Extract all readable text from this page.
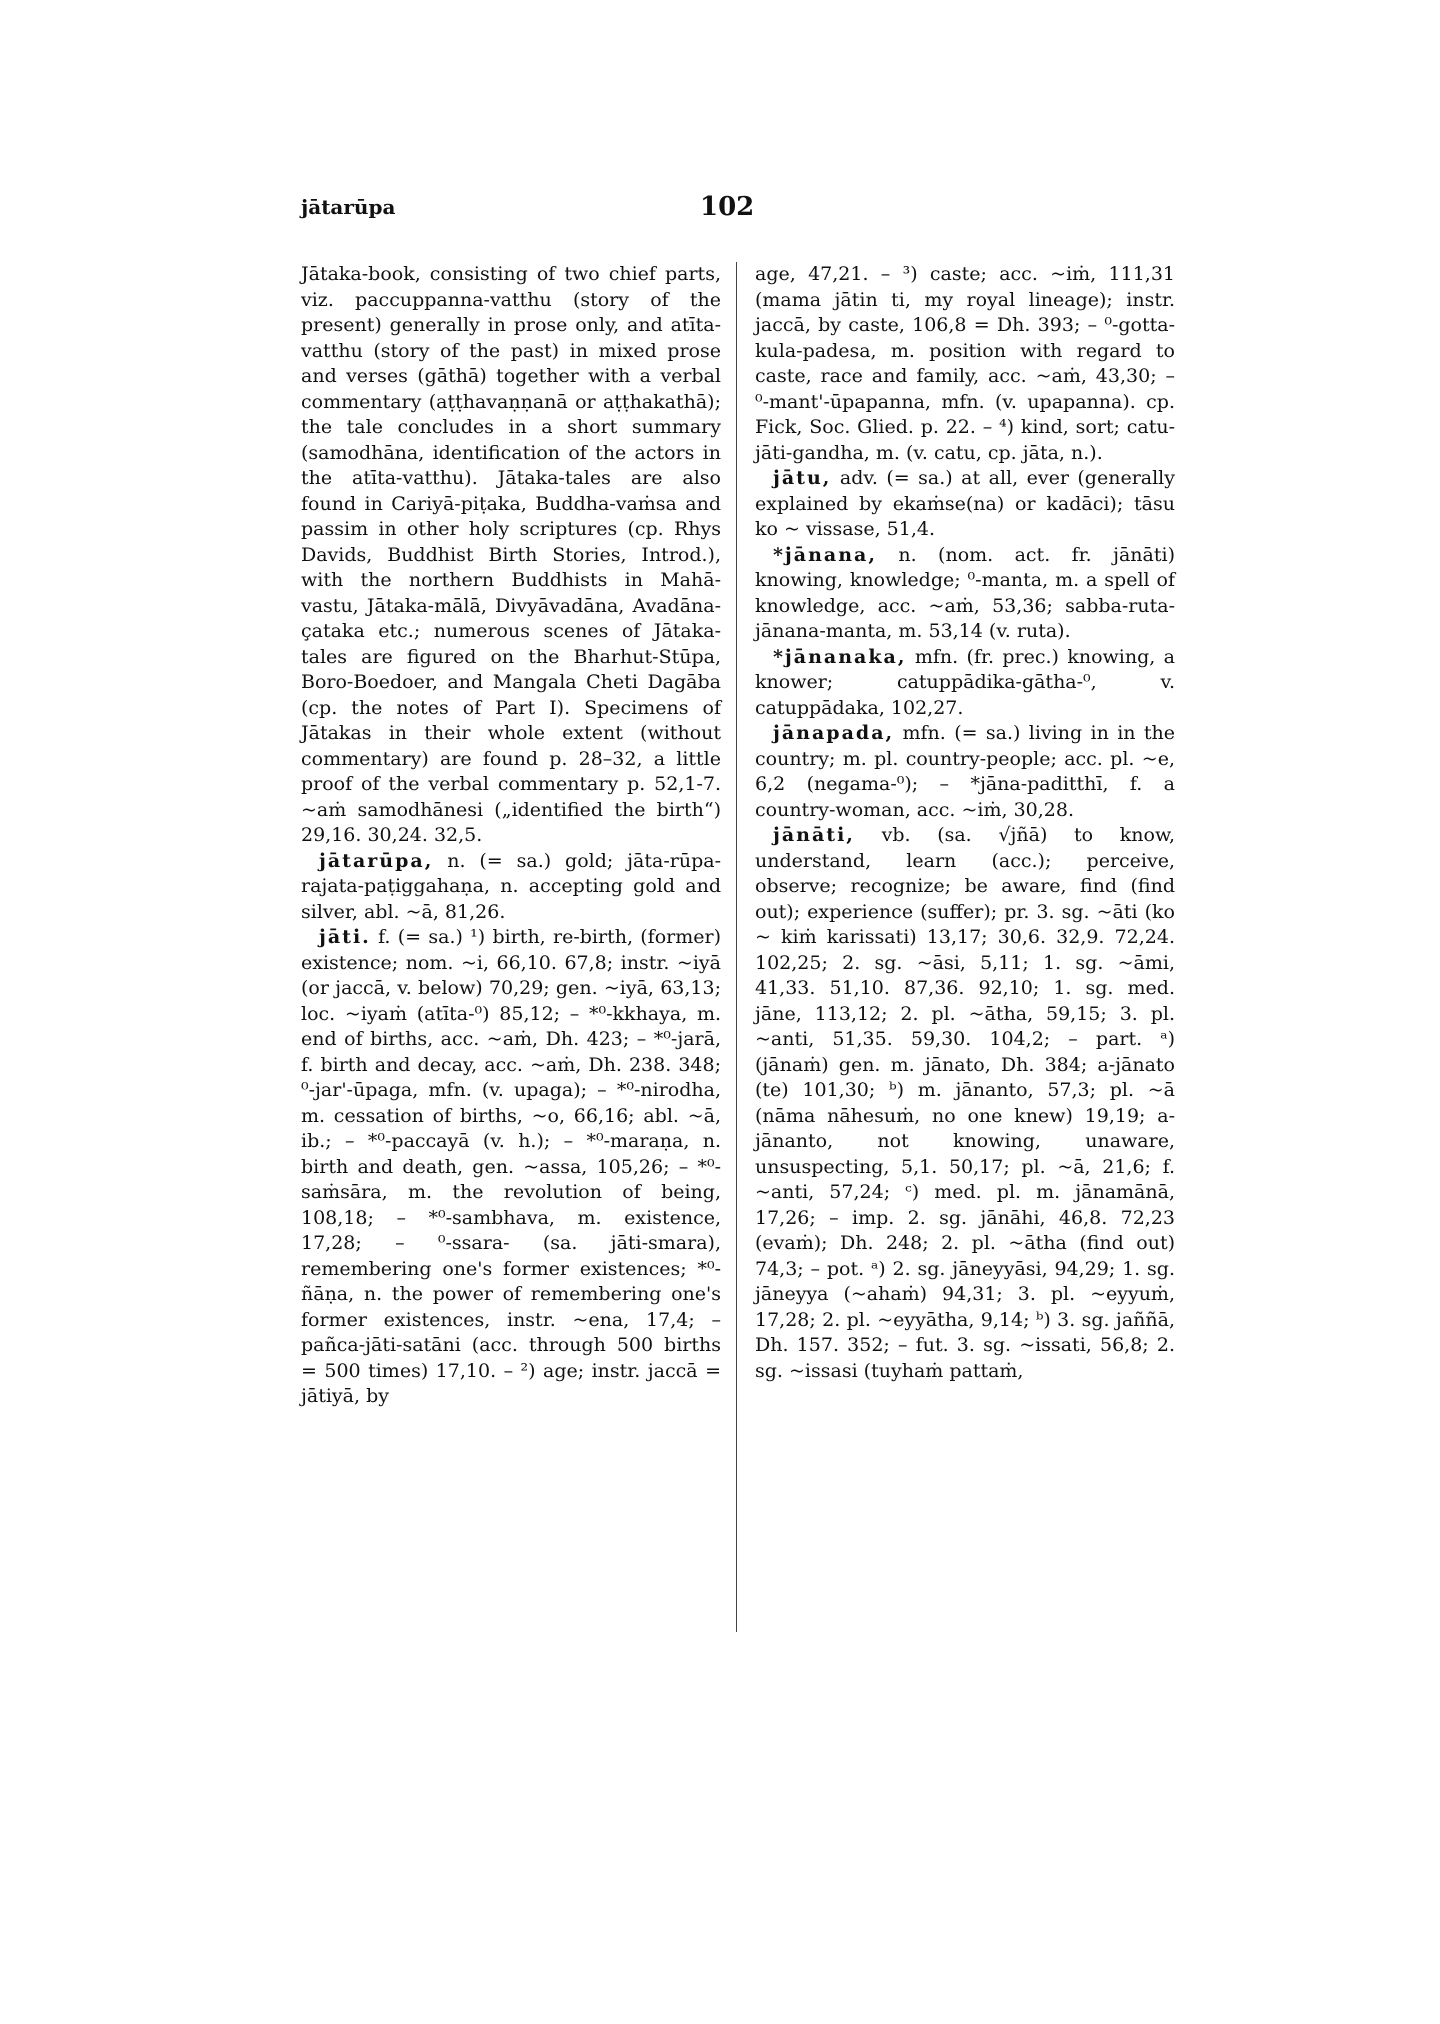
jātarūpa	102

Jātaka-book, consisting of two chief parts, viz. paccuppanna-vatthu (story of the present) generally in prose only, and atīta-vatthu (story of the past) in mixed prose and verses (gāthā) together with a verbal commentary (aṭṭhavaṇṇanā or aṭṭhakathā); the tale concludes in a short summary (samodhāna, identification of the actors in the atīta-vatthu). Jātaka-tales are also found in Cariyā-piṭaka, Buddha-vaṁsa and passim in other holy scriptures (cp. Rhys Davids, Buddhist Birth Stories, Introd.), with the northern Buddhists in Mahā-vastu, Jātaka-mālā, Divyāvadāna, Avadāna-çataka etc.; numerous scenes of Jātaka-tales are figured on the Bharhut-Stūpa, Boro-Boedoer, and Mangala Cheti Dagāba (cp. the notes of Part I). Specimens of Jātakas in their whole extent (without commentary) are found p. 28–32, a little proof of the verbal commentary p. 52,1-7. ~aṁ samodhānesi („identified the birth“) 29,16. 30,24. 32,5.

jātarūpa, n. (= sa.) gold; jāta-rūpa-rajata-paṭiggahaṇa, n. accepting gold and silver, abl. ~ā, 81,26.

jāti. f. (= sa.) ¹) birth, re-birth, (former) existence; nom. ~i, 66,10. 67,8; instr. ~iyā (or jaccā, v. below) 70,29; gen. ~iyā, 63,13; loc. ~iyaṁ (atīta-⁰) 85,12; – *⁰-kkhaya, m. end of births, acc. ~aṁ, Dh. 423; – *⁰-jarā, f. birth and decay, acc. ~aṁ, Dh. 238. 348; ⁰-jar'-ūpaga, mfn. (v. upaga); – *⁰-nirodha, m. cessation of births, ~o, 66,16; abl. ~ā, ib.; – *⁰-paccayā (v. h.); – *⁰-maraṇa, n. birth and death, gen. ~assa, 105,26; – *⁰-saṁsāra, m. the revolution of being, 108,18; – *⁰-sambhava, m. existence, 17,28; – ⁰-ssara- (sa. jāti-smara), remembering one's former existences; *⁰-ñāṇa, n. the power of remembering one's former existences, instr. ~ena, 17,4; – pañca-jāti-satāni (acc. through 500 births = 500 times) 17,10. – ²) age; instr. jaccā = jātiyā, by

age, 47,21. – ³) caste; acc. ~iṁ, 111,31 (mama jātin ti, my royal lineage); instr. jaccā, by caste, 106,8 = Dh. 393; – ⁰-gotta-kula-padesa, m. position with regard to caste, race and family, acc. ~aṁ, 43,30; – ⁰-mant'-ūpapanna, mfn. (v. upapanna). cp. Fick, Soc. Glied. p. 22. – ⁴) kind, sort; catu-jāti-gandha, m. (v. catu, cp. jāta, n.).

jātu, adv. (= sa.) at all, ever (generally explained by ekaṁse(na) or kadāci); tāsu ko ~ vissase, 51,4.

*jānana, n. (nom. act. fr. jānāti) knowing, knowledge; ⁰-manta, m. a spell of knowledge, acc. ~aṁ, 53,36; sabba-ruta-jānana-manta, m. 53,14 (v. ruta).

*jānanaka, mfn. (fr. prec.) knowing, a knower; catuppādika-gātha-⁰, v. catuppādaka, 102,27.

jānapada, mfn. (= sa.) living in in the country; m. pl. country-people; acc. pl. ~e, 6,2 (negama-⁰); – *jāna-paditthī, f. a country-woman, acc. ~iṁ, 30,28.

jānāti, vb. (sa. √jñā) to know, understand, learn (acc.); perceive, observe; recognize; be aware, find (find out); experience (suffer); pr. 3. sg. ~āti (ko ~ kiṁ karissati) 13,17; 30,6. 32,9. 72,24. 102,25; 2. sg. ~āsi, 5,11; 1. sg. ~āmi, 41,33. 51,10. 87,36. 92,10; 1. sg. med. jāne, 113,12; 2. pl. ~ātha, 59,15; 3. pl. ~anti, 51,35. 59,30. 104,2; – part. ᵃ) (jānaṁ) gen. m. jānato, Dh. 384; a-jānato (te) 101,30; ᵇ) m. jānanto, 57,3; pl. ~ā (nāma nāhesuṁ, no one knew) 19,19; a-jānanto, not knowing, unaware, unsuspecting, 5,1. 50,17; pl. ~ā, 21,6; f. ~anti, 57,24; ᶜ) med. pl. m. jānamānā, 17,26; – imp. 2. sg. jānāhi, 46,8. 72,23 (evaṁ); Dh. 248; 2. pl. ~ātha (find out) 74,3; – pot. ᵃ) 2. sg. jāneyyāsi, 94,29; 1. sg. jāneyya (~ahaṁ) 94,31; 3. pl. ~eyyuṁ, 17,28; 2. pl. ~eyyātha, 9,14; ᵇ) 3. sg. jaññā, Dh. 157. 352; – fut. 3. sg. ~issati, 56,8; 2. sg. ~issasi (tuyhaṁ pattaṁ,
